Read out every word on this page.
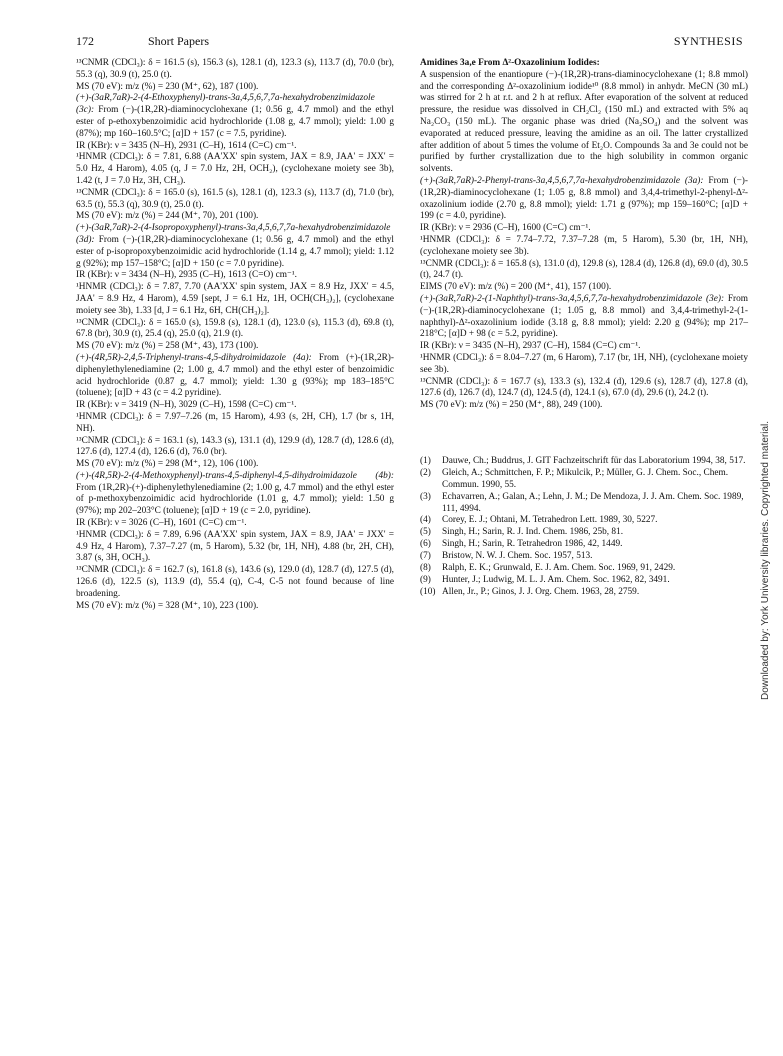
172	Short Papers	SYNTHESIS

¹³CNMR (CDCl₃): δ = 161.5 (s), 156.3 (s), 128.1 (d), 123.3 (s), 113.7 (d), 70.0 (br), 55.3 (q), 30.9 (t), 25.0 (t).

MS (70 eV): m/z (%) = 230 (M⁺, 62), 187 (100).

(+)-(3aR,7aR)-2-(4-Ethoxyphenyl)-trans-3a,4,5,6,7,7a-hexahydrobenzimidazole (3c): From (−)-(1R,2R)-diaminocyclohexane (1; 0.56 g, 4.7 mmol) and the ethyl ester of p-ethoxybenzoimidic acid hydrochloride (1.08 g, 4.7 mmol); yield: 1.00 g (87%); mp 160–160.5°C; [α]D + 157 (c = 7.5, pyridine).

IR (KBr): ν = 3435 (N–H), 2931 (C–H), 1614 (C=C) cm⁻¹.

¹HNMR (CDCl₃): δ = 7.81, 6.88 (AA'XX' spin system, JAX = 8.9, JAA' = JXX' = 5.0 Hz, 4 Harom), 4.05 (q, J = 7.0 Hz, 2H, OCH₂), (cyclohexane moiety see 3b), 1.42 (t, J = 7.0 Hz, 3H, CH₃).

¹³CNMR (CDCl₃): δ = 165.0 (s), 161.5 (s), 128.1 (d), 123.3 (s), 113.7 (d), 71.0 (br), 63.5 (t), 55.3 (q), 30.9 (t), 25.0 (t).

MS (70 eV): m/z (%) = 244 (M⁺, 70), 201 (100).

(+)-(3aR,7aR)-2-(4-Isopropoxyphenyl)-trans-3a,4,5,6,7,7a-hexahydrobenzimidazole (3d): From (−)-(1R,2R)-diaminocyclohexane (1; 0.56 g, 4.7 mmol) and the ethyl ester of p-isopropoxybenzoimidic acid hydrochloride (1.14 g, 4.7 mmol); yield: 1.12 g (92%); mp 157–158°C; [α]D + 150 (c = 7.0 pyridine).

IR (KBr): ν = 3434 (N–H), 2935 (C–H), 1613 (C=O) cm⁻¹.

¹HNMR (CDCl₃): δ = 7.87, 7.70 (AA'XX' spin system, JAX = 8.9 Hz, JXX' = 4.5, JAA' = 8.9 Hz, 4 Harom), 4.59 [sept, J = 6.1 Hz, 1H, OCH(CH₃)₂], (cyclohexane moiety see 3b), 1.33 [d, J = 6.1 Hz, 6H, CH(CH₃)₂].

¹³CNMR (CDCl₃): δ = 165.0 (s), 159.8 (s), 128.1 (d), 123.0 (s), 115.3 (d), 69.8 (t), 67.8 (br), 30.9 (t), 25.4 (q), 25.0 (q), 21.9 (t).

MS (70 eV): m/z (%) = 258 (M⁺, 43), 173 (100).

(+)-(4R,5R)-2,4,5-Triphenyl-trans-4,5-dihydroimidazole (4a): From (+)-(1R,2R)-diphenylethylenediamine (2; 1.00 g, 4.7 mmol) and the ethyl ester of benzoimidic acid hydrochloride (0.87 g, 4.7 mmol); yield: 1.30 g (93%); mp 183–185°C (toluene); [α]D + 43 (c = 4.2 pyridine).

IR (KBr): ν = 3419 (N–H), 3029 (C–H), 1598 (C=C) cm⁻¹.

¹HNMR (CDCl₃): δ = 7.97–7.26 (m, 15 Harom), 4.93 (s, 2H, CH), 1.7 (br s, 1H, NH).

¹³CNMR (CDCl₃): δ = 163.1 (s), 143.3 (s), 131.1 (d), 129.9 (d), 128.7 (d), 128.6 (d), 127.6 (d), 127.4 (d), 126.6 (d), 76.0 (br).

MS (70 eV): m/z (%) = 298 (M⁺, 12), 106 (100).

(+)-(4R,5R)-2-(4-Methoxyphenyl)-trans-4,5-diphenyl-4,5-dihydroimidazole (4b): From (1R,2R)-(+)-diphenylethylenediamine (2; 1.00 g, 4.7 mmol) and the ethyl ester of p-methoxybenzoimidic acid hydrochloride (1.01 g, 4.7 mmol); yield: 1.50 g (97%); mp 202–203°C (toluene); [α]D + 19 (c = 2.0, pyridine).

IR (KBr): ν = 3026 (C–H), 1601 (C=C) cm⁻¹.

¹HNMR (CDCl₃): δ = 7.89, 6.96 (AA'XX' spin system, JAX = 8.9, JAA' = JXX' = 4.9 Hz, 4 Harom), 7.37–7.27 (m, 5 Harom), 5.32 (br, 1H, NH), 4.88 (br, 2H, CH), 3.87 (s, 3H, OCH₃).

¹³CNMR (CDCl₃): δ = 162.7 (s), 161.8 (s), 143.6 (s), 129.0 (d), 128.7 (d), 127.5 (d), 126.6 (d), 122.5 (s), 113.9 (d), 55.4 (q), C-4, C-5 not found because of line broadening.

MS (70 eV): m/z (%) = 328 (M⁺, 10), 223 (100).

Amidines 3a,e From Δ²-Oxazolinium Iodides:

A suspension of the enantiopure (−)-(1R,2R)-trans-diaminocyclohexane (1; 8.8 mmol) and the corresponding Δ²-oxazolinium iodide¹⁰ (8.8 mmol) in anhydr. MeCN (30 mL) was stirred for 2 h at r.t. and 2 h at reflux. After evaporation of the solvent at reduced pressure, the residue was dissolved in CH₂Cl₂ (150 mL) and extracted with 5% aq Na₂CO₃ (150 mL). The organic phase was dried (Na₂SO₄) and the solvent was evaporated at reduced pressure, leaving the amidine as an oil. The latter crystallized after addition of about 5 times the volume of Et₂O. Compounds 3a and 3e could not be purified by further crystallization due to the high solubility in common organic solvents.

(+)-(3aR,7aR)-2-Phenyl-trans-3a,4,5,6,7,7a-hexahydrobenzimidazole (3a): From (−)-(1R,2R)-diaminocyclohexane (1; 1.05 g, 8.8 mmol) and 3,4,4-trimethyl-2-phenyl-Δ²-oxazolinium iodide (2.70 g, 8.8 mmol); yield: 1.71 g (97%); mp 159–160°C; [α]D + 199 (c = 4.0, pyridine).

IR (KBr): ν = 2936 (C–H), 1600 (C=C) cm⁻¹.

¹HNMR (CDCl₃): δ = 7.74–7.72, 7.37–7.28 (m, 5 Harom), 5.30 (br, 1H, NH), (cyclohexane moiety see 3b).

¹³CNMR (CDCl₃): δ = 165.8 (s), 131.0 (d), 129.8 (s), 128.4 (d), 126.8 (d), 69.0 (d), 30.5 (t), 24.7 (t).

EIMS (70 eV): m/z (%) = 200 (M⁺, 41), 157 (100).

(+)-(3aR,7aR)-2-(1-Naphthyl)-trans-3a,4,5,6,7,7a-hexahydrobenzimidazole (3e): From (−)-(1R,2R)-diaminocyclohexane (1; 1.05 g, 8.8 mmol) and 3,4,4-trimethyl-2-(1-naphthyl)-Δ²-oxazolinium iodide (3.18 g, 8.8 mmol); yield: 2.20 g (94%); mp 217–218°C; [α]D + 98 (c = 5.2, pyridine).

IR (KBr): ν = 3435 (N–H), 2937 (C–H), 1584 (C=C) cm⁻¹.

¹HNMR (CDCl₃): δ = 8.04–7.27 (m, 6 Harom), 7.17 (br, 1H, NH), (cyclohexane moiety see 3b).

¹³CNMR (CDCl₃): δ = 167.7 (s), 133.3 (s), 132.4 (d), 129.6 (s), 128.7 (d), 127.8 (d), 127.6 (d), 126.7 (d), 124.7 (d), 124.5 (d), 124.1 (s), 67.0 (d), 29.6 (t), 24.2 (t).

MS (70 eV): m/z (%) = 250 (M⁺, 88), 249 (100).

(1)	Dauwe, Ch.; Buddrus, J. GIT Fachzeitschrift für das Laboratorium 1994, 38, 517.
(2)	Gleich, A.; Schmittchen, F. P.; Mikulcik, P.; Müller, G. J. Chem. Soc., Chem. Commun. 1990, 55.
(3)	Echavarren, A.; Galan, A.; Lehn, J. M.; De Mendoza, J. J. Am. Chem. Soc. 1989, 111, 4994.
(4)	Corey, E. J.; Ohtani, M. Tetrahedron Lett. 1989, 30, 5227.
(5)	Singh, H.; Sarin, R. J. Ind. Chem. 1986, 25b, 81.
(6)	Singh, H.; Sarin, R. Tetrahedron 1986, 42, 1449.
(7)	Bristow, N. W. J. Chem. Soc. 1957, 513.
(8)	Ralph, E. K.; Grunwald, E. J. Am. Chem. Soc. 1969, 91, 2429.
(9)	Hunter, J.; Ludwig, M. L. J. Am. Chem. Soc. 1962, 82, 3491.
(10) Allen, Jr., P.; Ginos, J. J. Org. Chem. 1963, 28, 2759.	Downloaded by: York University libraries. Copyrighted material.
